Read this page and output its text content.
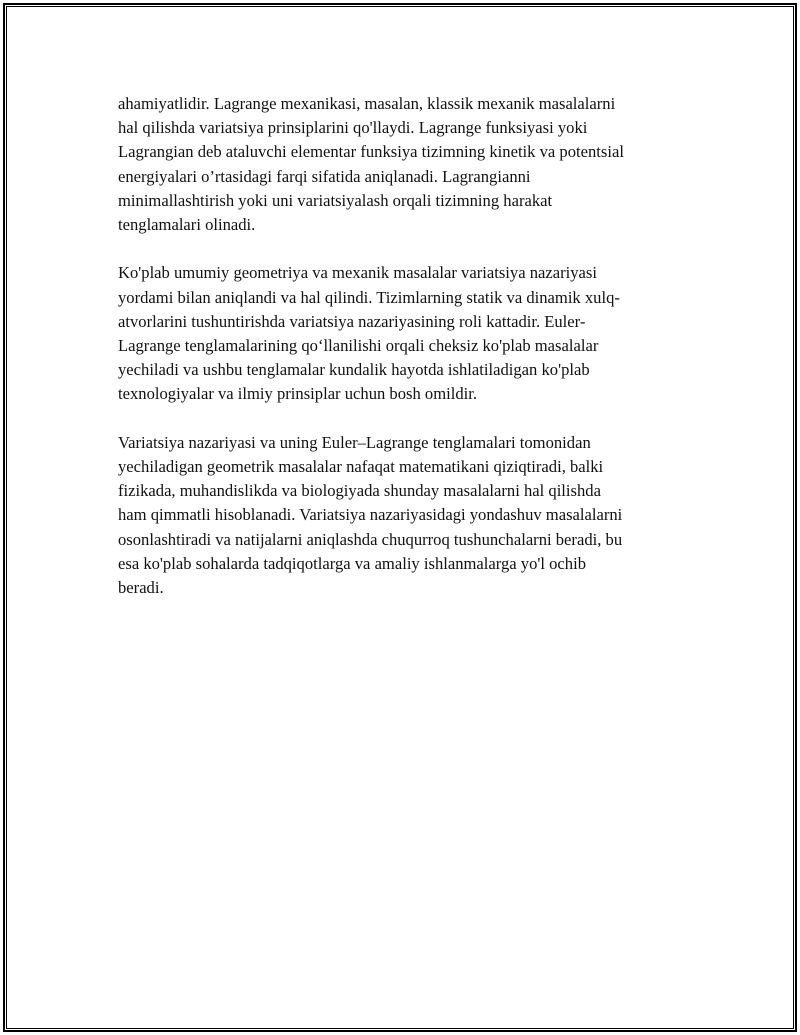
ahamiyatlidir. Lagrange mexanikasi, masalan, klassik mexanik masalalarni
hal qilishda variatsiya prinsiplarini qo'llaydi. Lagrange funksiyasi yoki
Lagrangian deb ataluvchi elementar funksiya tizimning kinetik va potentsial
energiyalari o’rtasidagi farqi sifatida aniqlanadi. Lagrangianni
minimallashtirish yoki uni variatsiyalash orqali tizimning harakat
tenglamalari olinadi.

Ko'plab umumiy geometriya va mexanik masalalar variatsiya nazariyasi
yordami bilan aniqlandi va hal qilindi. Tizimlarning statik va dinamik xulq-
atvorlarini tushuntirishda variatsiya nazariyasining roli kattadir. Euler-
Lagrange tenglamalarining qo‘llanilishi orqali cheksiz ko'plab masalalar
yechiladi va ushbu tenglamalar kundalik hayotda ishlatiladigan ko'plab
texnologiyalar va ilmiy prinsiplar uchun bosh omildir.

Variatsiya nazariyasi va uning Euler–Lagrange tenglamalari tomonidan
yechiladigan geometrik masalalar nafaqat matematikani qiziqtiradi, balki
fizikada, muhandislikda va biologiyada shunday masalalarni hal qilishda
ham qimmatli hisoblanadi. Variatsiya nazariyasidagi yondashuv masalalarni
osonlashtiradi va natijalarni aniqlashda chuqurroq tushunchalarni beradi, bu
esa ko'plab sohalarda tadqiqotlarga va amaliy ishlanmalarga yo'l ochib
beradi.
